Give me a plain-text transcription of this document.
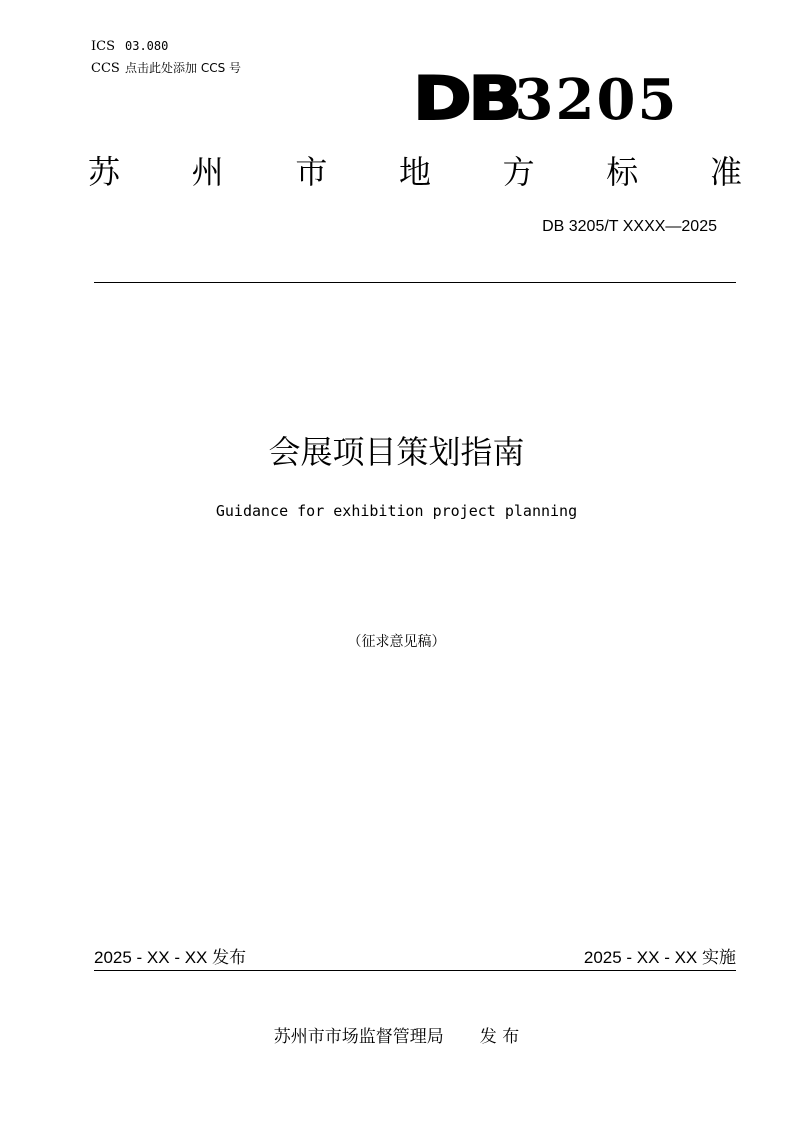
ICS 03.080
CCS 点击此处添加 CCS 号	DB3205
苏 州 市 地 方 标 准
DB 3205/T XXXX—2025
会展项目策划指南
Guidance for exhibition project planning
（征求意见稿）
2025 - XX - XX 发布	2025 - XX - XX 实施
苏州市市场监督管理局 发 布
